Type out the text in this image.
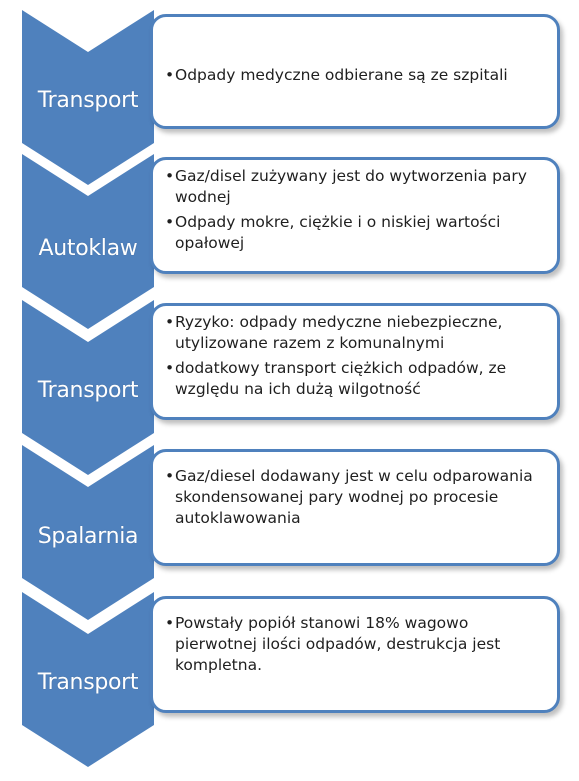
Transport
• Odpady medyczne odbierane są ze szpitali
Autoklaw
• Gaz/disel zużywany jest do wytworzenia pary wodnej
• Odpady mokre, ciężkie i o niskiej wartości opałowej
Transport
• Ryzyko: odpady medyczne niebezpieczne, utylizowane razem z komunalnymi
• dodatkowy transport ciężkich odpadów, ze względu na ich dużą wilgotność
Spalarnia
• Gaz/diesel dodawany jest w celu odparowania skondensowanej pary wodnej po procesie autoklawowania
Transport
• Powstały popiół stanowi 18% wagowo pierwotnej ilości odpadów, destrukcja jest kompletna.
